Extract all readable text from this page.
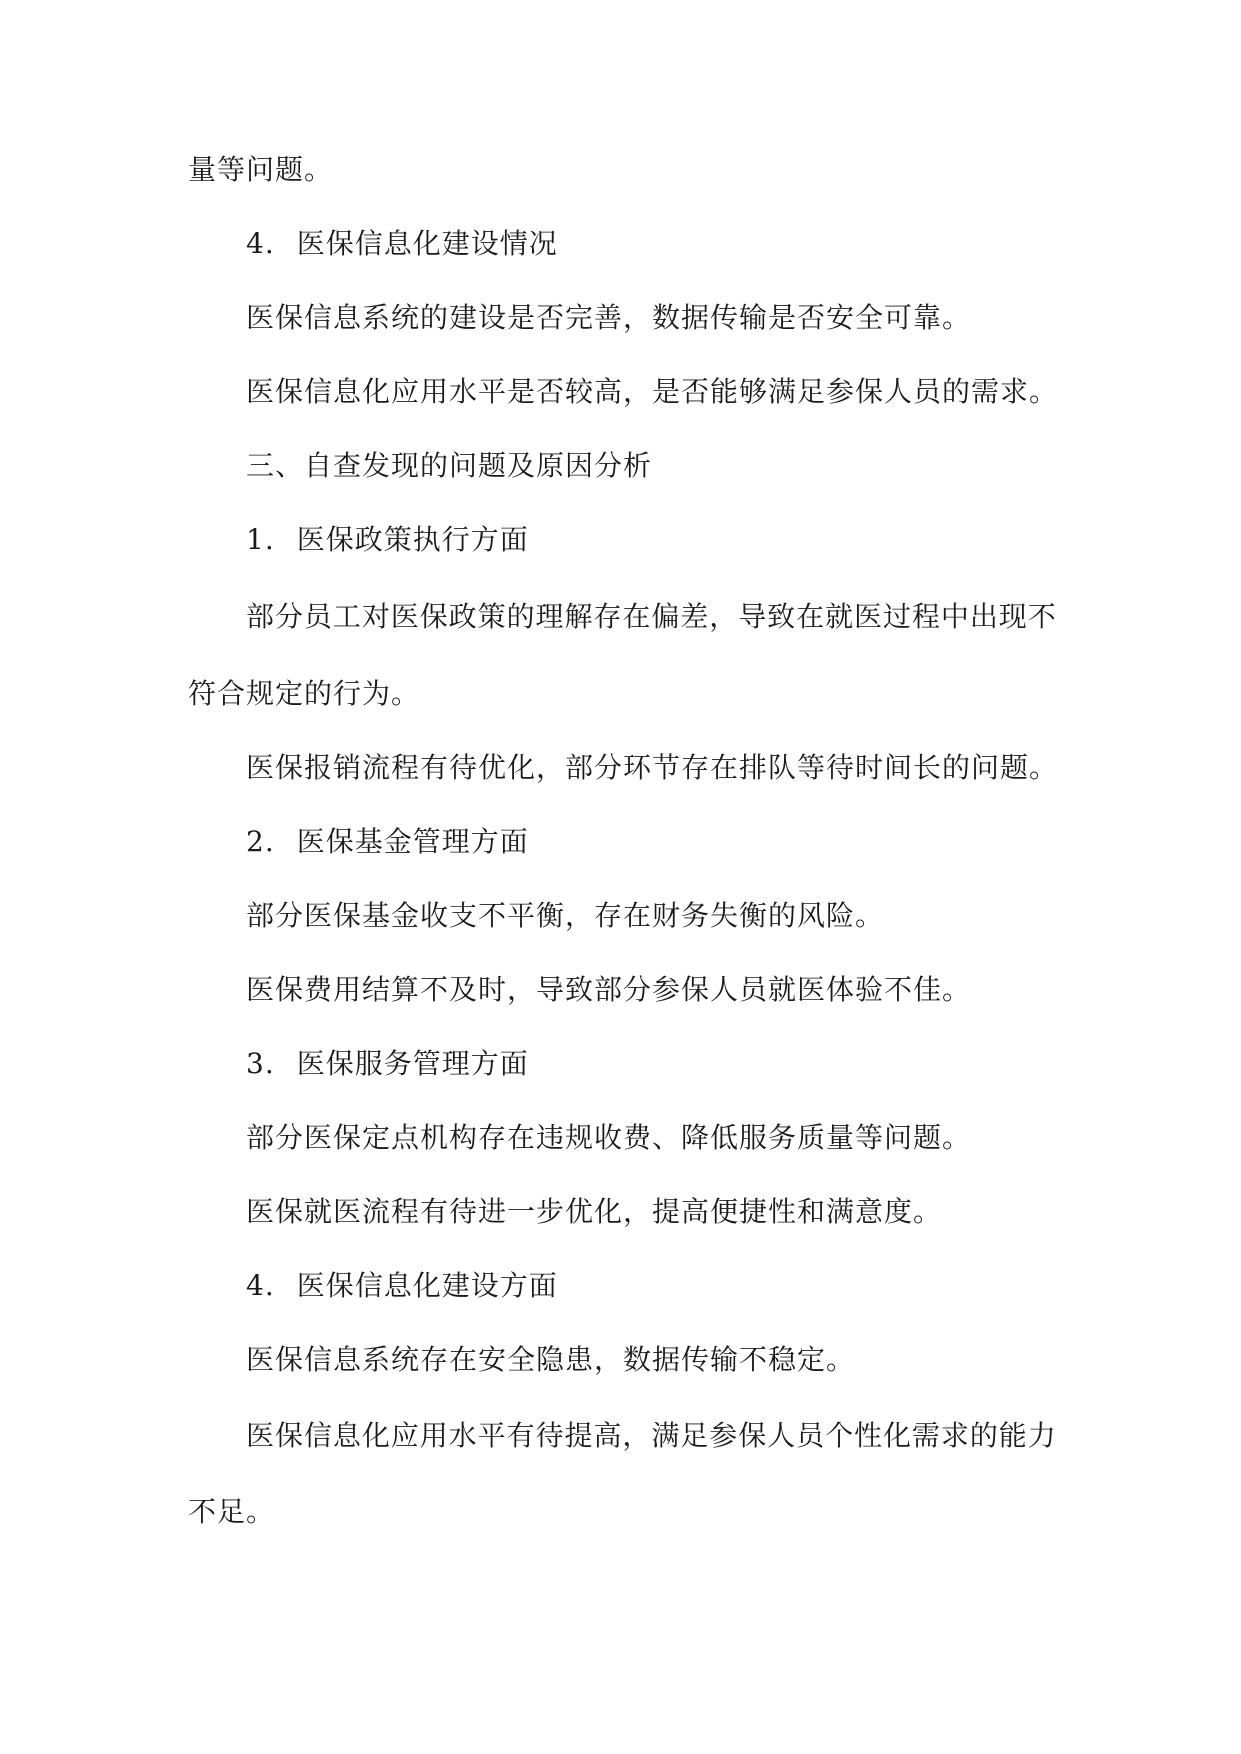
量等问题。
4. 医保信息化建设情况
医保信息系统的建设是否完善，数据传输是否安全可靠。
医保信息化应用水平是否较高，是否能够满足参保人员的需求。
三、自查发现的问题及原因分析
1. 医保政策执行方面
部 分 员 工 对 医 保 政 策 的 理 解 存 在 偏 差 ， 导 致 在 就 医 过 程 中 出 现 不
符合规定的行为。
医保报销流程有待优化，部分环节存在排队等待时间长的问题。
2. 医保基金管理方面
部分医保基金收支不平衡，存在财务失衡的风险。
医保费用结算不及时，导致部分参保人员就医体验不佳。
3. 医保服务管理方面
部分医保定点机构存在违规收费、降低服务质量等问题。
医保就医流程有待进一步优化，提高便捷性和满意度。
4. 医保信息化建设方面
医保信息系统存在安全隐患，数据传输不稳定。
医 保 信 息 化 应 用 水 平 有 待 提 高 ， 满 足 参 保 人 员 个 性 化 需 求 的 能 力
不足。
